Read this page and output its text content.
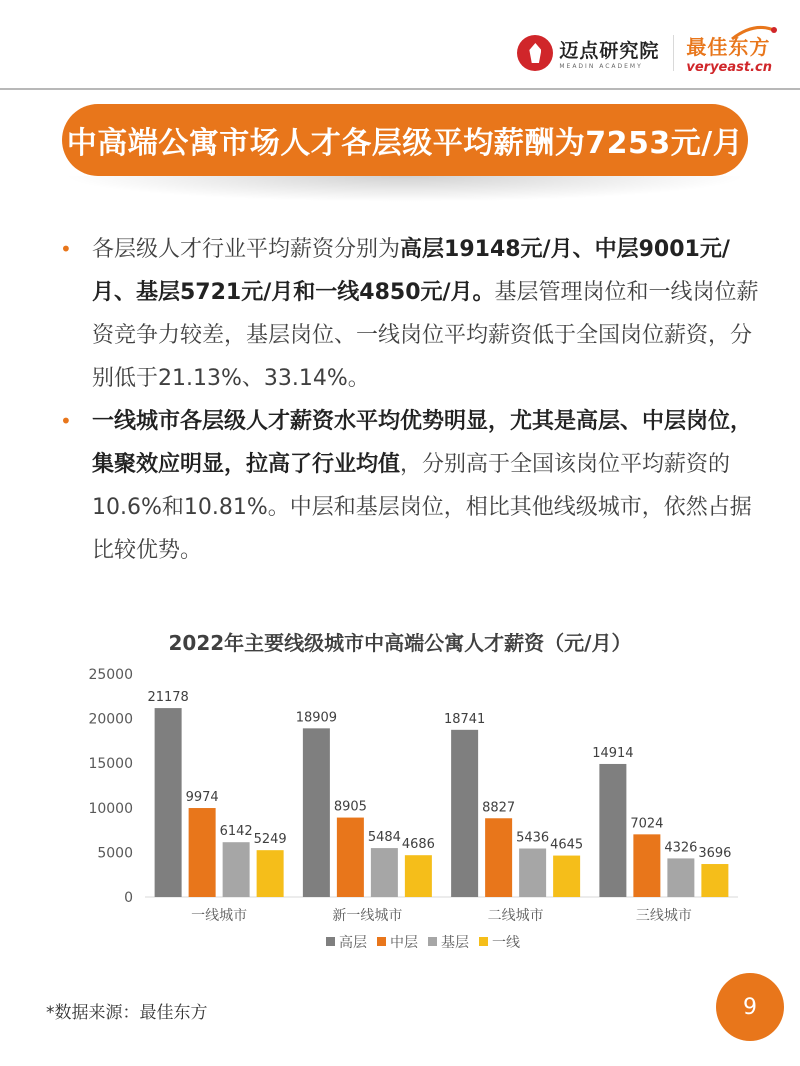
迈点研究院
MEADIN ACADEMY
最佳东方
veryeast.cn
中高端公寓市场人才各层级平均薪酬为7253元/月
• 各层级人才行业平均薪资分别为高层19148元/月、中层9001元/月、基层5721元/月和一线4850元/月。基层管理岗位和一线岗位薪资竞争力较差，基层岗位、一线岗位平均薪资低于全国岗位薪资，分别低于21.13%、33.14%。
• 一线城市各层级人才薪资水平均优势明显，尤其是高层、中层岗位，集聚效应明显，拉高了行业均值，分别高于全国该岗位平均薪资的10.6%和10.81%。中层和基层岗位，相比其他线级城市，依然占据比较优势。
2022年主要线级城市中高端公寓人才薪资（元/月）
0
5000
10000
15000
20000
25000
21178
9974
6142
5249
一线城市
18909
8905
5484 4686
新一线城市
18741
8827
5436 4645
二线城市
14914
7024
4326 3696
三线城市
高层 中层 基层 一线
*数据来源：最佳东方	9
